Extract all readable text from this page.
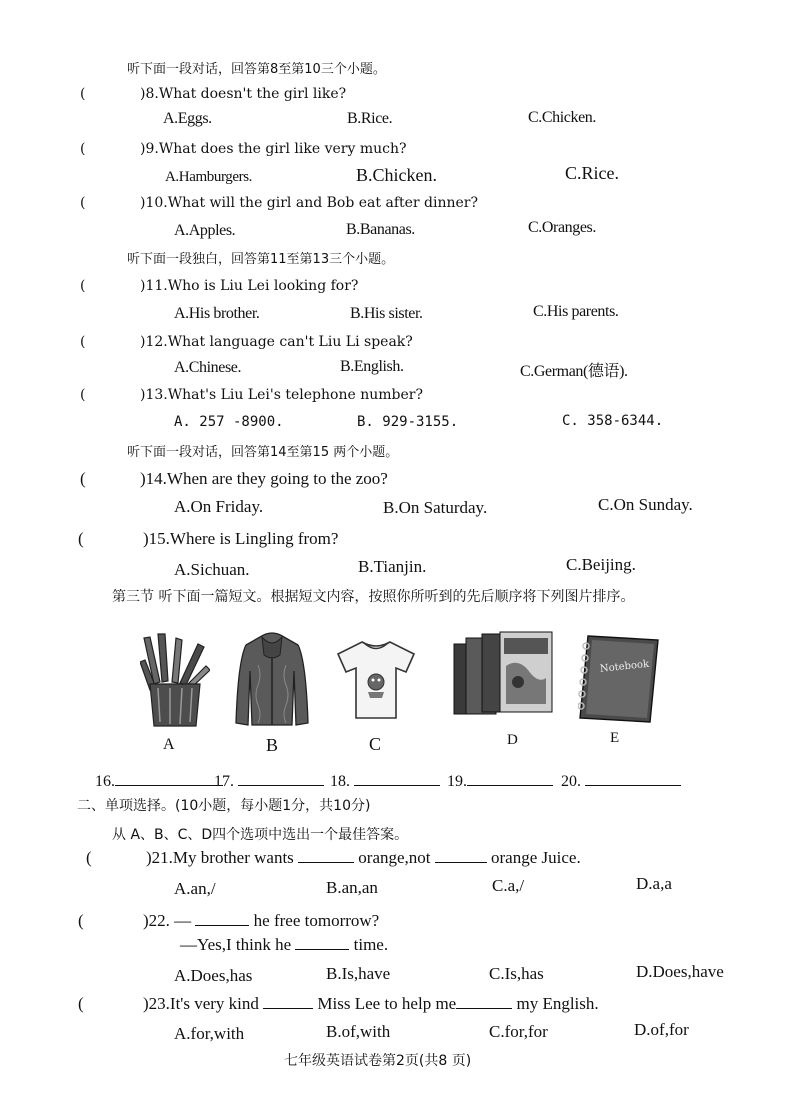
听下面一段对话，回答第8至第10三个小题。
(	)8.What doesn't the girl like?
A.Eggs.	B.Rice.	C.Chicken.
(	)9.What does the girl like very much?
A.Hamburgers.	B.Chicken.	C.Rice.
(	)10.What will the girl and Bob eat after dinner?
A.Apples.	B.Bananas.	C.Oranges.
听下面一段独白，回答第11至第13三个小题。
(	)11.Who is Liu Lei looking for?
A.His brother.	B.His sister.	C.His parents.
(	)12.What language can't Liu Li speak?
A.Chinese.	B.English.	C.German(德语).
(	)13.What's Liu Lei's telephone number?
A. 257 -8900.	B. 929-3155.	C. 358-6344.
听下面一段对话，回答第14至第15 两个小题。
(	)14.When are they going to the zoo?
A.On Friday.	B.On Saturday.	C.On Sunday.
(	)15.Where is Lingling from?
A.Sichuan.	B.Tianjin.	C.Beijing.
第三节 听下面一篇短文。根据短文内容，按照你所听到的先后顺序将下列图片排序。
A	B	C	D
Notebook
E
16.	17.	18.	19.	20.
二、单项选择。(10小题，每小题1分，共10分)
从 A、B、C、D四个选项中选出一个最佳答案。
(	)21.My brother wants	orange,not	orange Juice.
A.an,/	B.an,an	C.a,/	D.a,a
(	)22. —	he free tomorrow?
—Yes,I think he	time.
A.Does,has	B.Is,have	C.Is,has	D.Does,have
(	)23.It's very kind	Miss Lee to help me	my English.
A.for,with	B.of,with	C.for,for	D.of,for
七年级英语试卷第2页(共8 页)
